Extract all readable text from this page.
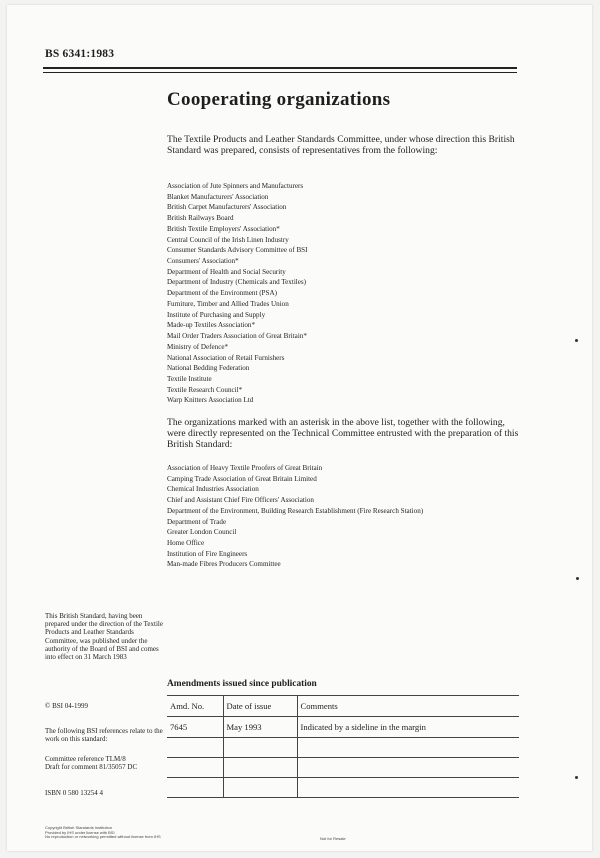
BS 6341:1983
Cooperating organizations
The Textile Products and Leather Standards Committee, under whose direction this British Standard was prepared, consists of representatives from the following:
Association of Jute Spinners and Manufacturers
Blanket Manufacturers' Association
British Carpet Manufacturers' Association
British Railways Board
British Textile Employers' Association*
Central Council of the Irish Linen Industry
Consumer Standards Advisory Committee of BSI
Consumers' Association*
Department of Health and Social Security
Department of Industry (Chemicals and Textiles)
Department of the Environment (PSA)
Furniture, Timber and Allied Trades Union
Institute of Purchasing and Supply
Made-up Textiles Association*
Mail Order Traders Association of Great Britain*
Ministry of Defence*
National Association of Retail Furnishers
National Bedding Federation
Textile Institute
Textile Research Council*
Warp Knitters Association Ltd
The organizations marked with an asterisk in the above list, together with the following, were directly represented on the Technical Committee entrusted with the preparation of this British Standard:
Association of Heavy Textile Proofers of Great Britain
Camping Trade Association of Great Britain Limited
Chemical Industries Association
Chief and Assistant Chief Fire Officers' Association
Department of the Environment, Building Research Establishment (Fire Research Station)
Department of Trade
Greater London Council
Home Office
Institution of Fire Engineers
Man-made Fibres Producers Committee
This British Standard, having been prepared under the direction of the Textile Products and Leather Standards Committee, was published under the authority of the Board of BSI and comes into effect on 31 March 1983
© BSI 04-1999
The following BSI references relate to the work on this standard:
Committee reference TLM/8
Draft for comment 81/35057 DC
ISBN 0 580 13254 4
Amendments issued since publication
Amd. No.	Date of issue	Comments
7645	May 1993	Indicated by a sideline in the margin

Copyright British Standards Institution
Provided by IHS under license with BSI
No reproduction or networking permitted without license from IHS	Not for Resale
